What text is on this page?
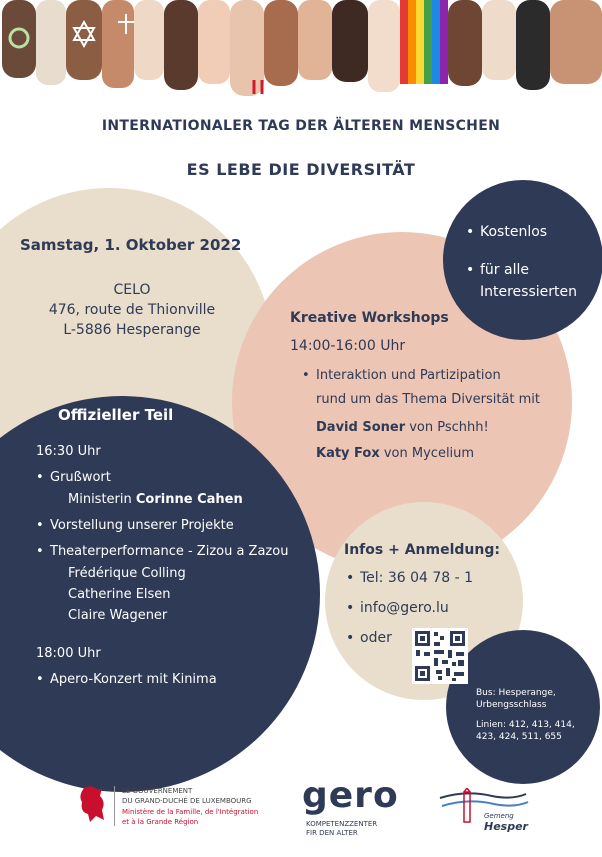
INTERNATIONALER TAG DER ÄLTEREN MENSCHEN
ES LEBE DIE DIVERSITÄT
Samstag, 1. Oktober 2022
CELO
476, route de Thionville
L-5886 Hesperange
• Kostenlos
• für alle
Interessierten
Kreative Workshops
14:00-16:00 Uhr
• Interaktion und Partizipation
rund um das Thema Diversität mit
David Soner von Pschhh!
Katy Fox von Mycelium
Offizieller Teil
16:30 Uhr
• Grußwort
Ministerin Corinne Cahen
• Vorstellung unserer Projekte
• Theaterperformance - Zizou a Zazou
Frédérique Colling
Catherine Elsen
Claire Wagener
18:00 Uhr
• Apero-Konzert mit Kinima
Infos + Anmeldung:
• Tel: 36 04 78 - 1
• info@gero.lu
• oder
Bus: Hesperange,
Urbengsschlass
Linien: 412, 413, 414,
423, 424, 511, 655
LE GOUVERNEMENT
DU GRAND-DUCHÉ DE LUXEMBOURG
Ministère de la Famille, de l'Intégration
et à la Grande Région
gero
KOMPETENZZENTER
FIR DEN ALTER
Gemeng
Hesper
